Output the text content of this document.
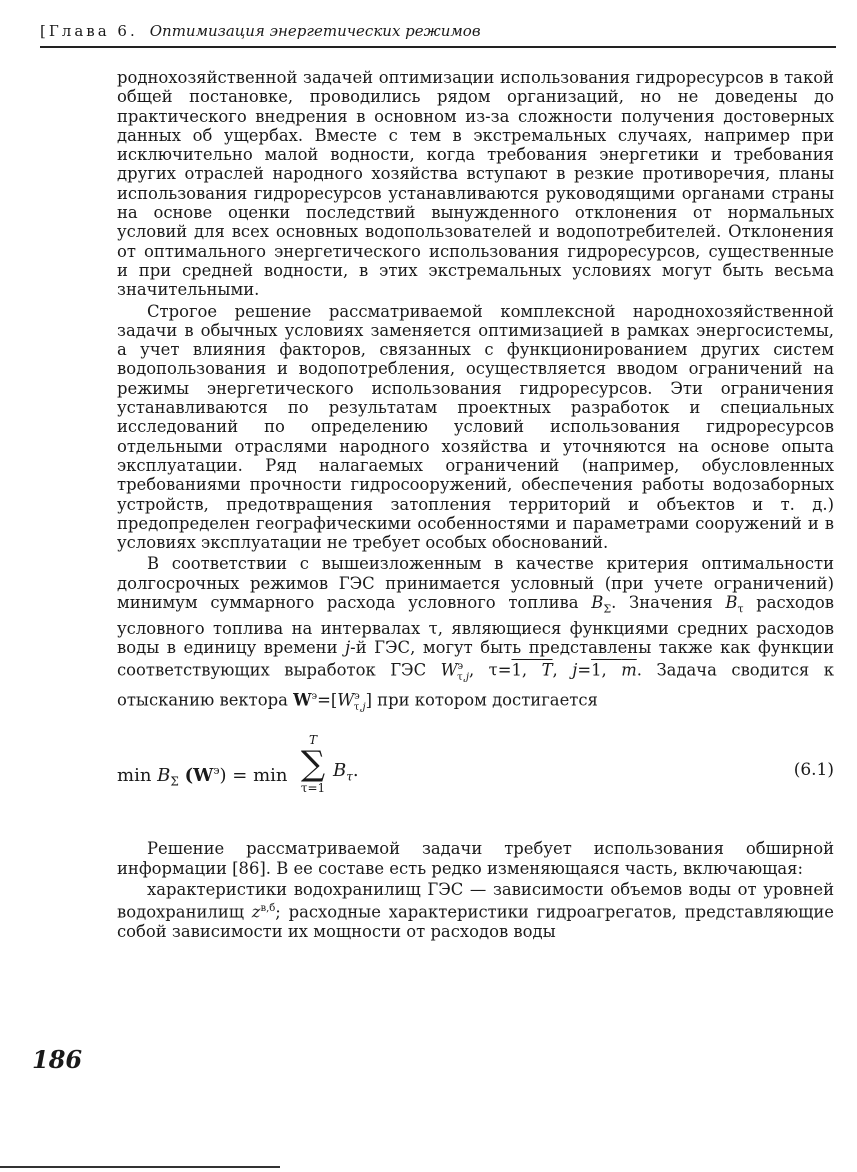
[Глава 6. Оптимизация энергетических режимов

роднохозяйственной задачей оптимизации использования гидроресурсов в такой общей постановке, проводились рядом организаций, но не доведены до практического внедрения в основном из-за сложности получения достоверных данных об ущербах. Вместе с тем в экстремальных случаях, например при исключительно малой водности, когда требования энергетики и требования других отраслей народного хозяйства вступают в резкие противоречия, планы использования гидроресурсов устанавливаются руководящими органами страны на основе оценки последствий вынужденного отклонения от нормальных условий для всех основных водопользователей и водопотребителей. Отклонения от оптимального энергетического использования гидроресурсов, существенные и при средней водности, в этих экстремальных условиях могут быть весьма значительными.

Строгое решение рассматриваемой комплексной народнохозяйственной задачи в обычных условиях заменяется оптимизацией в рамках энергосистемы, а учет влияния факторов, связанных с функционированием других систем водопользования и водопотребления, осуществляется вводом ограничений на режимы энергетического использования гидроресурсов. Эти ограничения устанавливаются по результатам проектных разработок и специальных исследований по определению условий использования гидроресурсов отдельными отраслями народного хозяйства и уточняются на основе опыта эксплуатации. Ряд налагаемых ограничений (например, обусловленных требованиями прочности гидросооружений, обеспечения работы водозаборных устройств, предотвращения затопления территорий и объектов и т. д.) предопределен географическими особенностями и параметрами сооружений и в условиях эксплуатации не требует особых обоснований.

В соответствии с вышеизложенным в качестве критерия оптимальности долгосрочных режимов ГЭС принимается условный (при учете ограничений) минимум суммарного расхода условного топлива $B_\Sigma$. Значения $B_\tau$ расходов условного топлива на интервалах τ, являющиеся функциями средних расходов воды в единицу времени j-й ГЭС, могут быть представлены также как функции соответствующих выработок ГЭС $W^э_{\tau,j}$, τ=1, T, j=1, m. Задача сводится к отысканию вектора $W^э=[W^э_{\tau,j}]$ при котором достигается

$\min B_\Sigma$ $(W^э) = \min$
T
∑
τ=1
$B_\tau$.	(6.1)

Решение рассматриваемой задачи требует использования обширной информации [86]. В ее составе есть редко изменяющаяся часть, включающая:

характеристики водохранилищ ГЭС — зависимости объемов воды от уровней водохранилищ $z^{в,б}$; расходные характеристики гидроагрегатов, представляющие собой зависимости их мощности от расходов воды

186
